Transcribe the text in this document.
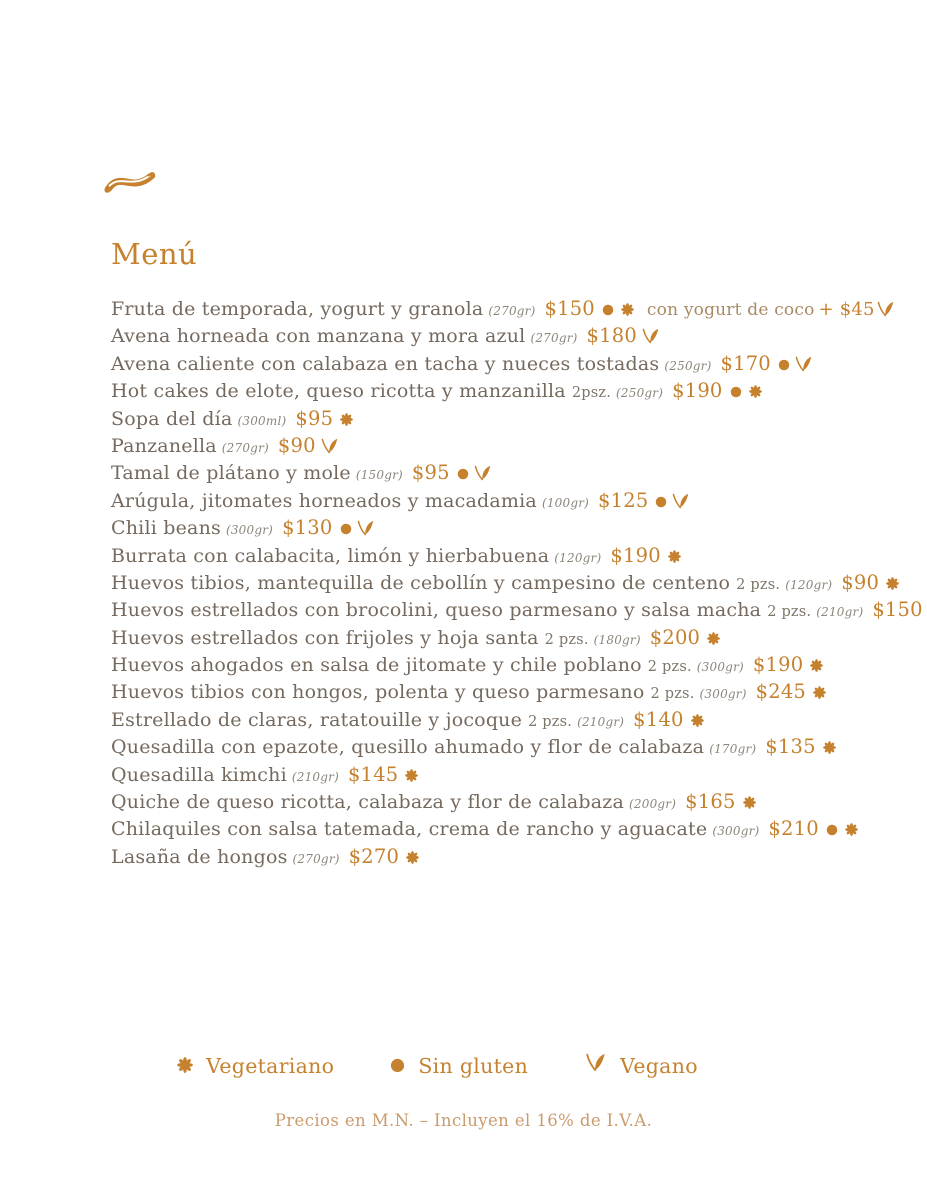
Menú
Fruta de temporada, yogurt y granola (270gr) $150	con yogurt de coco + $45
Avena horneada con manzana y mora azul (270gr) $180
Avena caliente con calabaza en tacha y nueces tostadas (250gr) $170
Hot cakes de elote, queso ricotta y manzanilla 2psz. (250gr) $190
Sopa del día (300ml) $95
Panzanella (270gr) $90
Tamal de plátano y mole (150gr) $95
Arúgula, jitomates horneados y macadamia (100gr) $125
Chili beans (300gr) $130
Burrata con calabacita, limón y hierbabuena (120gr) $190
Huevos tibios, mantequilla de cebollín y campesino de centeno 2 pzs. (120gr) $90
Huevos estrellados con brocolini, queso parmesano y salsa macha 2 pzs. (210gr) $150
Huevos estrellados con frijoles y hoja santa 2 pzs. (180gr) $200
Huevos ahogados en salsa de jitomate y chile poblano 2 pzs. (300gr) $190
Huevos tibios con hongos, polenta y queso parmesano 2 pzs. (300gr) $245
Estrellado de claras, ratatouille y jocoque 2 pzs. (210gr) $140
Quesadilla con epazote, quesillo ahumado y flor de calabaza (170gr) $135
Quesadilla kimchi (210gr) $145
Quiche de queso ricotta, calabaza y flor de calabaza (200gr) $165
Chilaquiles con salsa tatemada, crema de rancho y aguacate (300gr) $210
Lasaña de hongos (270gr) $270
Vegetariano	Sin gluten	Vegano
Precios en M.N. – Incluyen el 16% de I.V.A.
